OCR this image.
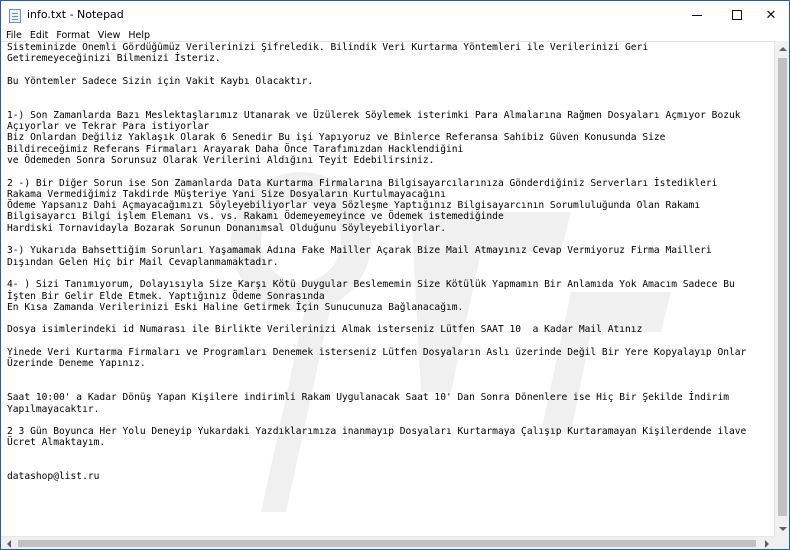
info.txt - Notepad	✕
File Edit Format View Help
Sisteminizde Önemli Gördüğümüz Verilerinizi Şifreledik. Bilindik Veri Kurtarma Yöntemleri ile Verilerinizi Geri
Getiremeyeceğinizi Bilmenizi İsteriz.

Bu Yöntemler Sadece Sizin için Vakit Kaybı Olacaktır.

1-) Son Zamanlarda Bazı Meslektaşlarımız Utanarak ve Üzülerek Söylemek isterimki Para Almalarına Rağmen Dosyaları Açmıyor Bozuk
Açıyorlar ve Tekrar Para istiyorlar
Biz Onlardan Değiliz Yaklaşık Olarak 6 Senedir Bu işi Yapıyoruz ve Binlerce Referansa Sahibiz Güven Konusunda Size
Bildireceğimiz Referans Firmaları Arayarak Daha Önce Tarafımızdan Hacklendiğini
ve Ödemeden Sonra Sorunsuz Olarak Verilerini Aldığını Teyit Edebilirsiniz.

2 -) Bir Diğer Sorun ise Son Zamanlarda Data Kurtarma Firmalarına Bilgisayarcılarınıza Gönderdiğiniz Serverları İstedikleri
Rakama Vermediğimiz Takdirde Müşteriye Yani Size Dosyaların Kurtulmayacağını
Ödeme Yapsanız Dahi Açmayacağımızı Söyleyebiliyorlar veya Sözleşme Yaptığınız Bilgisayarcının Sorumluluğunda Olan Rakamı
Bilgisayarcı Bilgi işlem Elemanı vs. vs. Rakamı Ödemeyemeyince ve Ödemek istemediğinde
Hardiski Tornavidayla Bozarak Sorunun Donanımsal Olduğunu Söyleyebiliyorlar.

3-) Yukarıda Bahsettiğim Sorunları Yaşamamak Adına Fake Mailler Açarak Bize Mail Atmayınız Cevap Vermiyoruz Firma Mailleri
Dışından Gelen Hiç bir Mail Cevaplanmamaktadır.

4- ) Sizi Tanımıyorum, Dolayısıyla Size Karşı Kötü Duygular Beslememin Size Kötülük Yapmamın Bir Anlamıda Yok Amacım Sadece Bu
İşten Bir Gelir Elde Etmek. Yaptığınız Ödeme Sonrasında
En Kısa Zamanda Verilerinizi Eski Haline Getirmek İçin Sunucunuza Bağlanacağım.

Dosya isimlerindeki id Numarası ile Birlikte Verilerinizi Almak isterseniz Lütfen SAAT 10  a Kadar Mail Atınız

Yinede Veri Kurtarma Firmaları ve Programları Denemek isterseniz Lütfen Dosyaların Aslı üzerinde Değil Bir Yere Kopyalayıp Onlar
Üzerinde Deneme Yapınız.

Saat 10:00' a Kadar Dönüş Yapan Kişilere indirimli Rakam Uygulanacak Saat 10' Dan Sonra Dönenlere ise Hiç Bir Şekilde İndirim
Yapılmayacaktır.

2 3 Gün Boyunca Her Yolu Deneyip Yukardaki Yazdıklarımıza inanmayıp Dosyaları Kurtarmaya Çalışıp Kurtaramayan Kişilerdende ilave
Ücret Almaktayım.

datashop@list.ru
